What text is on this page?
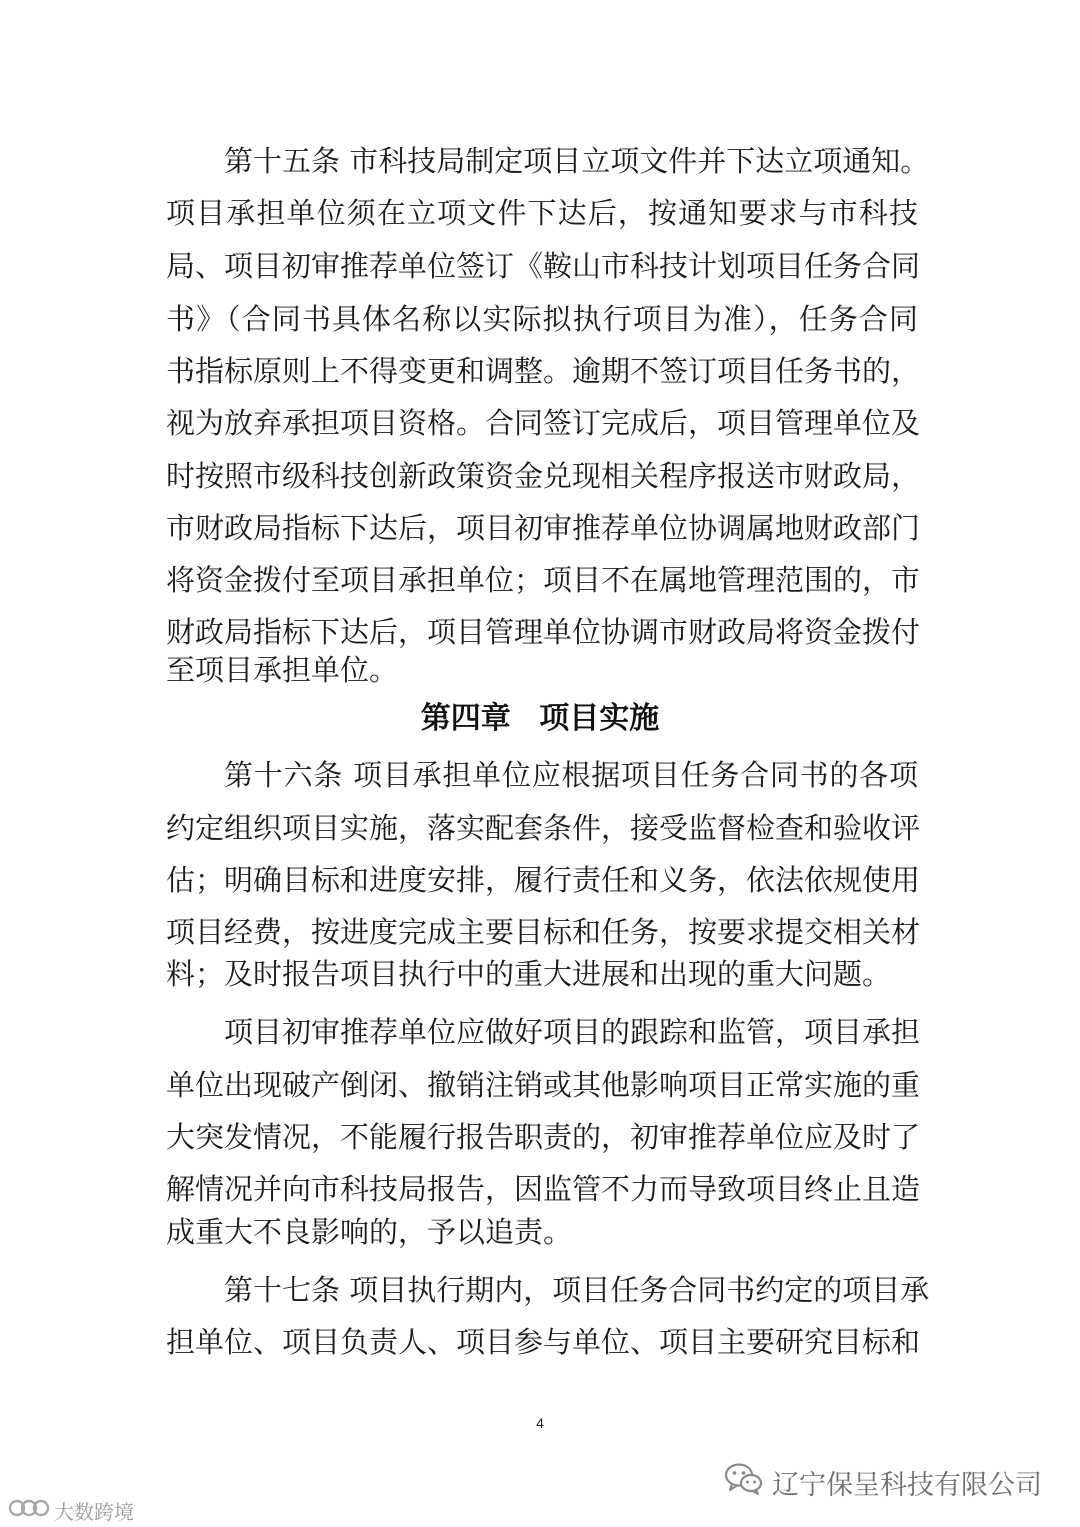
第十五条 市科技局制定项目立项文件并下达立项通知。
项目承担单位须在立项文件下达后，按通知要求与市科技
局、项目初审推荐单位签订《鞍山市科技计划项目任务合同
书》（合同书具体名称以实际拟执行项目为准），任务合同
书指标原则上不得变更和调整。逾期不签订项目任务书的，
视为放弃承担项目资格。合同签订完成后，项目管理单位及
时按照市级科技创新政策资金兑现相关程序报送市财政局，
市财政局指标下达后，项目初审推荐单位协调属地财政部门
将资金拨付至项目承担单位；项目不在属地管理范围的，市
财政局指标下达后，项目管理单位协调市财政局将资金拨付
至项目承担单位。
第四章 项目实施
第十六条 项目承担单位应根据项目任务合同书的各项
约定组织项目实施，落实配套条件，接受监督检查和验收评
估；明确目标和进度安排，履行责任和义务，依法依规使用
项目经费，按进度完成主要目标和任务，按要求提交相关材
料；及时报告项目执行中的重大进展和出现的重大问题。
项目初审推荐单位应做好项目的跟踪和监管，项目承担
单位出现破产倒闭、撤销注销或其他影响项目正常实施的重
大突发情况，不能履行报告职责的，初审推荐单位应及时了
解情况并向市科技局报告，因监管不力而导致项目终止且造
成重大不良影响的，予以追责。
第十七条 项目执行期内，项目任务合同书约定的项目承
担单位、项目负责人、项目参与单位、项目主要研究目标和
4
辽宁保呈科技有限公司
大数跨境
